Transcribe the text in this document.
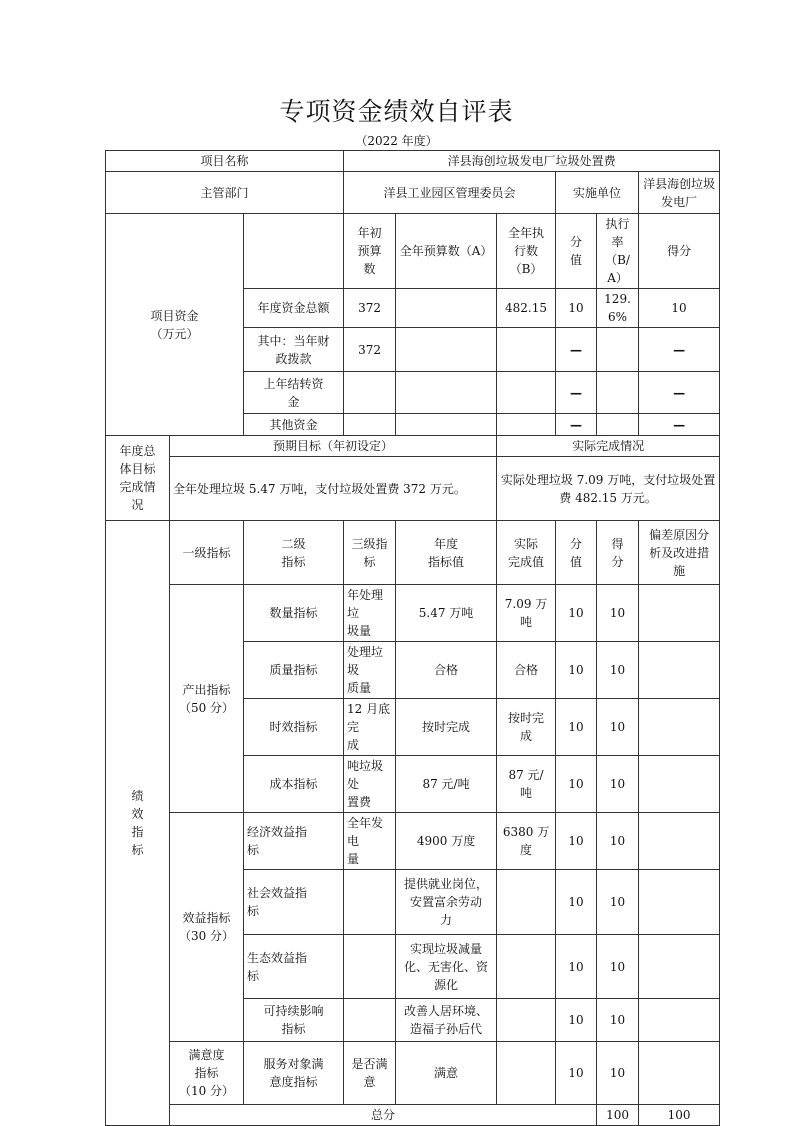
专项资金绩效自评表
（2022 年度）
项目名称			洋县海创垃圾发电厂垃圾处置费						
主管部门			洋县工业园区管理委员会			实施单位		洋县海创垃圾发电厂	
项目资金
（万元）			年初
预算
数	全年预算数（A）	全年执
行数
（B）	分
值	执行率
（B/A）	得分	
		年度资金总额	372		482.15	10	129.6%	10	
		其中：当年财
政拨款	372			—		—	
		上年结转资
金				—		—	
		其他资金				—		—	
年度总
体目标
完成情
况	预期目标（年初设定）				实际完成情况				
	全年处理垃圾 5.47 万吨，支付垃圾处置费 372 万元。				实际处理垃圾 7.09 万吨，支付垃圾处置费 482.15 万元。				
绩
效
指
标	一级指标	二级
指标	三级指标	年度
指标值	实际
完成值	分
值	得
分	偏差原因分
析及改进措
施	
	产出指标
（50 分）	数量指标	年处理垃
圾量	5.47 万吨	7.09 万
吨	10	10		
		质量指标	处理垃圾
质量	合格	合格	10	10		
		时效指标	12 月底完
成	按时完成	按时完
成	10	10		
		成本指标	吨垃圾处
置费	87 元/吨	87 元/
吨	10	10		
	效益指标
（30 分）	经济效益指
标	全年发电
量	4900 万度	6380 万
度	10	10		
		社会效益指
标		提供就业岗位，
安置富余劳动
力		10	10		
		生态效益指
标		实现垃圾减量
化、无害化、资
源化		10	10		
		可持续影响
指标		改善人居环境、
造福子孙后代		10	10		
	满意度
指标
（10 分）	服务对象满
意度指标	是否满意	满意		10	10		
	总分						100	100	
